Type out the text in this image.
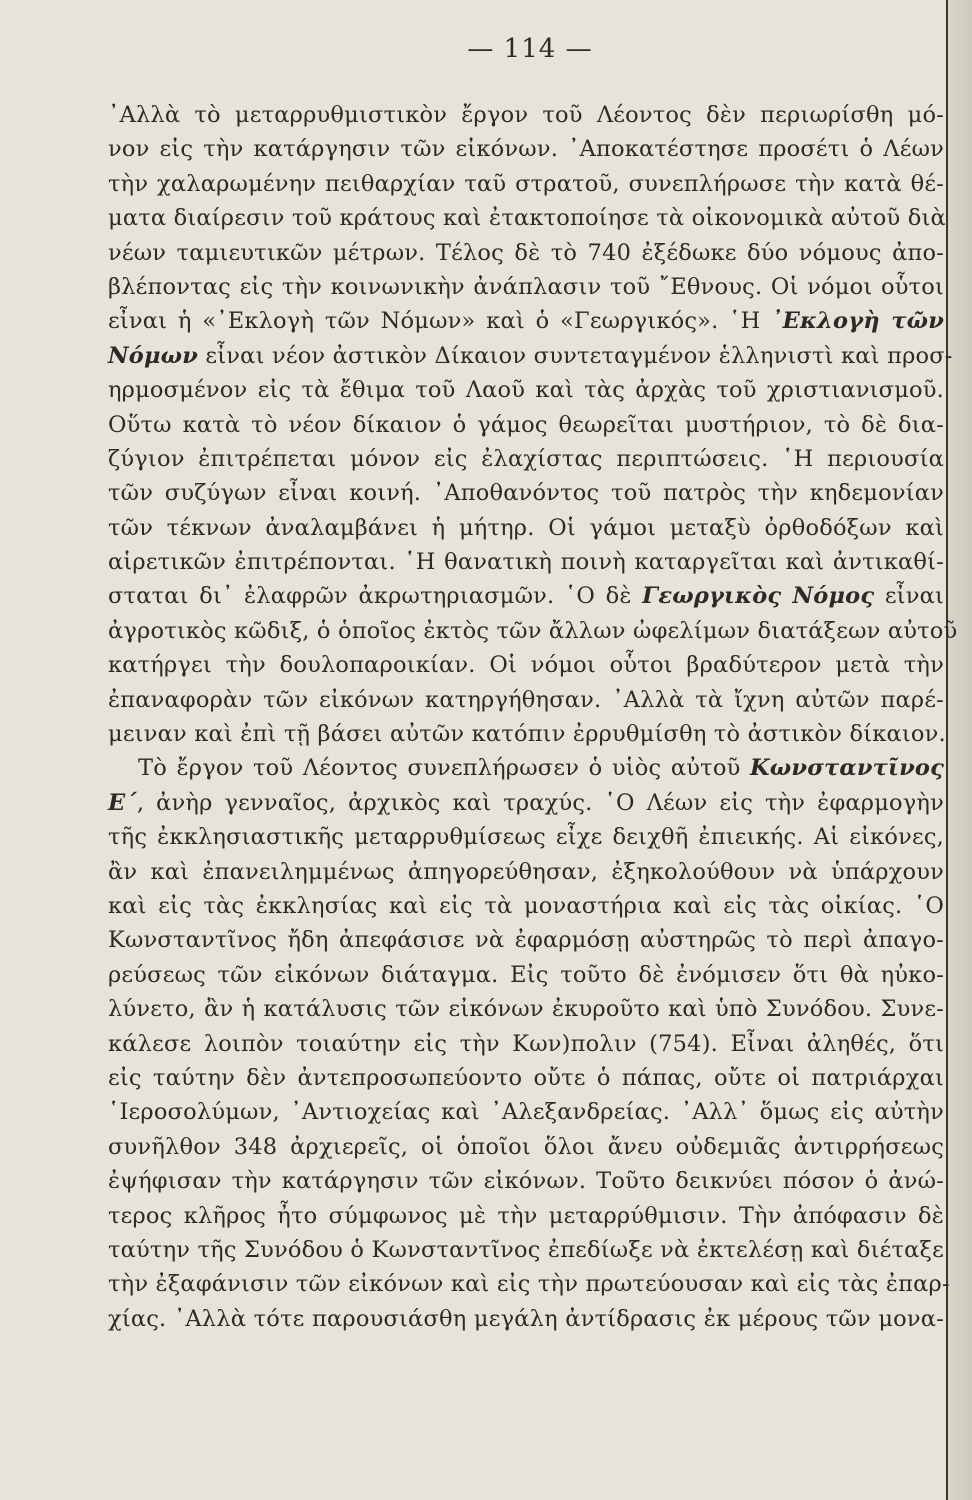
— 114 —
᾽Αλλὰ τὸ μεταρρυθμιστικὸν ἔργον τοῦ Λέοντος δὲν περιωρίσθη μό-
νον εἰς τὴν κατάργησιν τῶν εἰκόνων. ᾽Αποκατέστησε προσέτι ὁ Λέων
τὴν χαλαρωμένην πειθαρχίαν ταῦ στρατοῦ, συνεπλήρωσε τὴν κατὰ θέ-
ματα διαίρεσιν τοῦ κράτους καὶ ἐτακτοποίησε τὰ οἰκονομικὰ αὐτοῦ διὰ
νέων ταμιευτικῶν μέτρων. Τέλος δὲ τὸ 740 ἐξέδωκε δύο νόμους ἀπο-
βλέποντας εἰς τὴν κοινωνικὴν ἀνάπλασιν τοῦ ῎Εθνους. Οἱ νόμοι οὗτοι
εἶναι ἡ «᾽Εκλογὴ τῶν Νόμων» καὶ ὁ «Γεωργικός». ῾Η ᾽Εκλογὴ τῶν
Νόμων εἶναι νέον ἀστικὸν Δίκαιον συντεταγμένον ἑλληνιστὶ καὶ προσ-
ηρμοσμένον εἰς τὰ ἔθιμα τοῦ Λαοῦ καὶ τὰς ἀρχὰς τοῦ χριστιανισμοῦ.
Οὕτω κατὰ τὸ νέον δίκαιον ὁ γάμος θεωρεῖται μυστήριον, τὸ δὲ δια-
ζύγιον ἐπιτρέπεται μόνον εἰς ἐλαχίστας περιπτώσεις. ῾Η περιουσία
τῶν συζύγων εἶναι κοινή. ᾽Αποθανόντος τοῦ πατρὸς τὴν κηδεμονίαν
τῶν τέκνων ἀναλαμβάνει ἡ μήτηρ. Οἱ γάμοι μεταξὺ ὀρθοδόξων καὶ
αἱρετικῶν ἐπιτρέπονται. ῾Η θανατικὴ ποινὴ καταργεῖται καὶ ἀντικαθί-
σταται δι᾽ ἐλαφρῶν ἀκρωτηριασμῶν. ῾Ο δὲ Γεωργικὸς Νόμος εἶναι
ἀγροτικὸς κῶδιξ, ὁ ὁποῖος ἐκτὸς τῶν ἄλλων ὠφελίμων διατάξεων αὐτοῦ
κατήργει τὴν δουλοπαροικίαν. Οἱ νόμοι οὗτοι βραδύτερον μετὰ τὴν
ἐπαναφορὰν τῶν εἰκόνων κατηργήθησαν. ᾽Αλλὰ τὰ ἴχνη αὐτῶν παρέ-
μειναν καὶ ἐπὶ τῇ βάσει αὐτῶν κατόπιν ἐρρυθμίσθη τὸ ἀστικὸν δίκαιον.
Τὸ ἔργον τοῦ Λέοντος συνεπλήρωσεν ὁ υἱὸς αὐτοῦ Κωνσταντῖνος
Ε΄, ἀνὴρ γενναῖος, ἀρχικὸς καὶ τραχύς. ῾Ο Λέων εἰς τὴν ἐφαρμογὴν
τῆς ἐκκλησιαστικῆς μεταρρυθμίσεως εἶχε δειχθῆ ἐπιεικής. Αἱ εἰκόνες,
ἂν καὶ ἐπανειλημμένως ἀπηγορεύθησαν, ἐξηκολούθουν νὰ ὑπάρχουν
καὶ εἰς τὰς ἐκκλησίας καὶ εἰς τὰ μοναστήρια καὶ εἰς τὰς οἰκίας. ῾Ο
Κωνσταντῖνος ἤδη ἀπεφάσισε νὰ ἐφαρμόσῃ αὐστηρῶς τὸ περὶ ἀπαγο-
ρεύσεως τῶν εἰκόνων διάταγμα. Εἰς τοῦτο δὲ ἐνόμισεν ὅτι θὰ ηὐκο-
λύνετο, ἂν ἡ κατάλυσις τῶν εἰκόνων ἐκυροῦτο καὶ ὑπὸ Συνόδου. Συνε-
κάλεσε λοιπὸν τοιαύτην εἰς τὴν Κων)πολιν (754). Εἶναι ἀληθές, ὅτι
εἰς ταύτην δὲν ἀντεπροσωπεύοντο οὔτε ὁ πάπας, οὔτε οἱ πατριάρχαι
῾Ιεροσολύμων, ᾽Αντιοχείας καὶ ᾽Αλεξανδρείας. ᾽Αλλ᾽ ὅμως εἰς αὐτὴν
συνῆλθον 348 ἀρχιερεῖς, οἱ ὁποῖοι ὅλοι ἄνευ οὐδεμιᾶς ἀντιρρήσεως
ἐψήφισαν τὴν κατάργησιν τῶν εἰκόνων. Τοῦτο δεικνύει πόσον ὁ ἀνώ-
τερος κλῆρος ἦτο σύμφωνος μὲ τὴν μεταρρύθμισιν. Τὴν ἀπόφασιν δὲ
ταύτην τῆς Συνόδου ὁ Κωνσταντῖνος ἐπεδίωξε νὰ ἐκτελέσῃ καὶ διέταξε
τὴν ἐξαφάνισιν τῶν εἰκόνων καὶ εἰς τὴν πρωτεύουσαν καὶ εἰς τὰς ἐπαρ-
χίας. ᾽Αλλὰ τότε παρουσιάσθη μεγάλη ἀντίδρασις ἐκ μέρους τῶν μονα-
